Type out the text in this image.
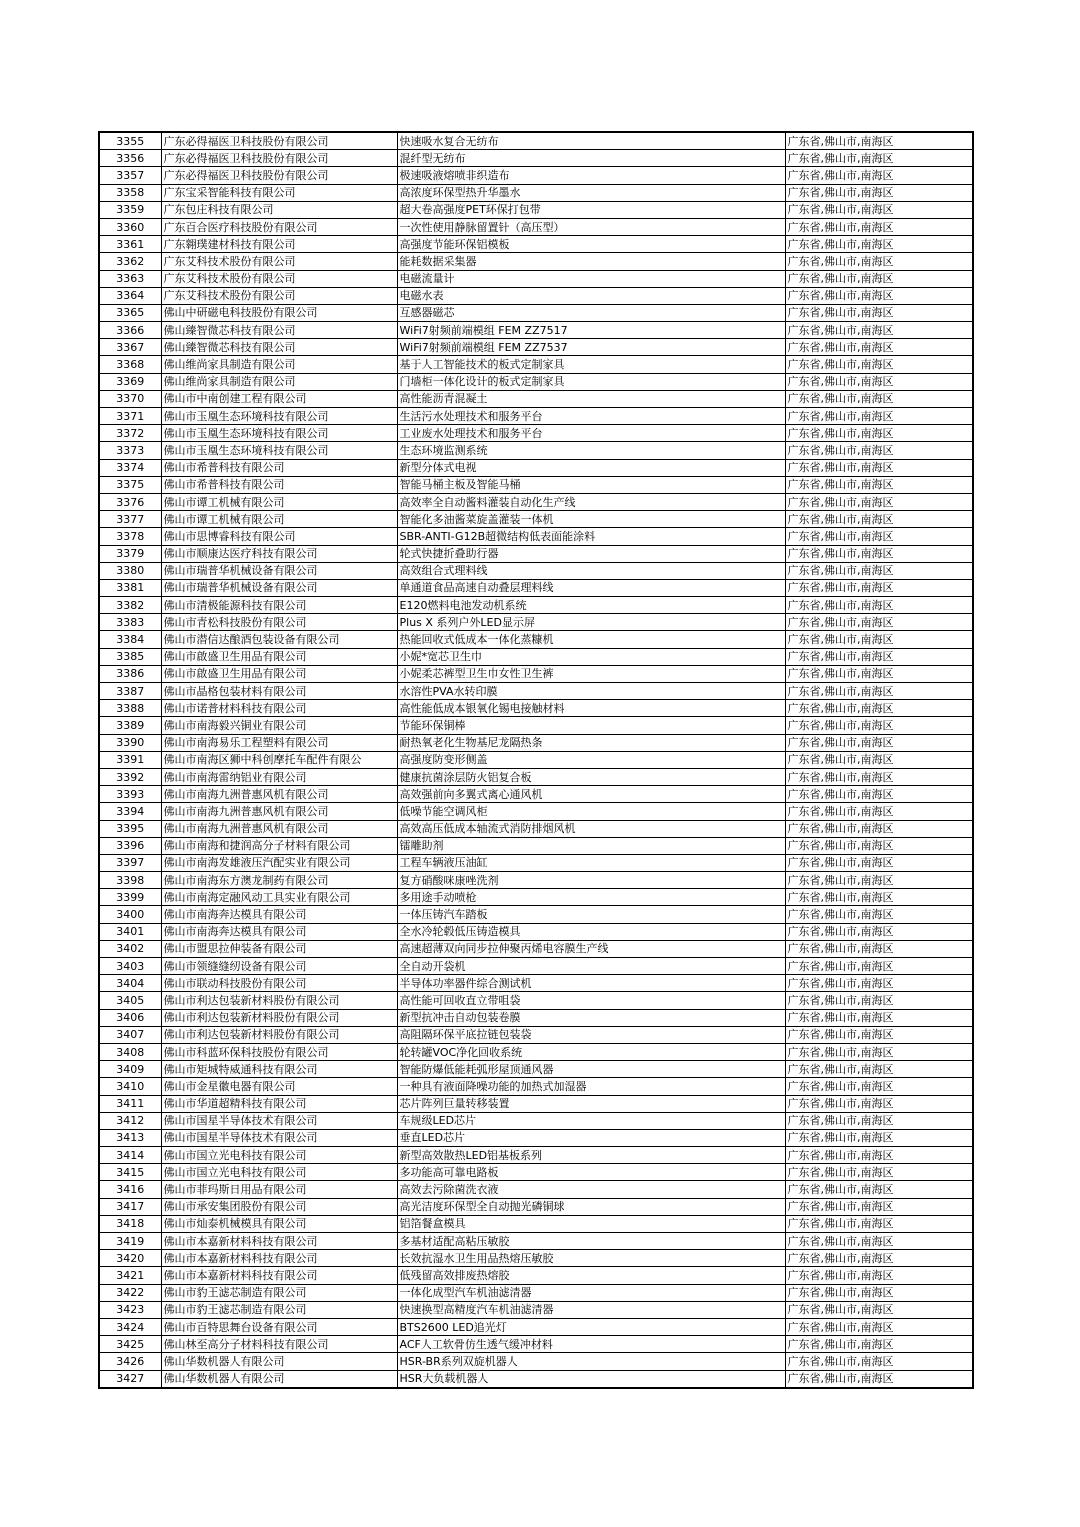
3355	广东必得福医卫科技股份有限公司	快速吸水复合无纺布	广东省,佛山市,南海区
3356	广东必得福医卫科技股份有限公司	混纤型无纺布	广东省,佛山市,南海区
3357	广东必得福医卫科技股份有限公司	极速吸液熔喷非织造布	广东省,佛山市,南海区
3358	广东宝采智能科技有限公司	高浓度环保型热升华墨水	广东省,佛山市,南海区
3359	广东包庄科技有限公司	超大卷高强度PET环保打包带	广东省,佛山市,南海区
3360	广东百合医疗科技股份有限公司	一次性使用静脉留置针（高压型）	广东省,佛山市,南海区
3361	广东翱璞建材科技有限公司	高强度节能环保铝模板	广东省,佛山市,南海区
3362	广东艾科技术股份有限公司	能耗数据采集器	广东省,佛山市,南海区
3363	广东艾科技术股份有限公司	电磁流量计	广东省,佛山市,南海区
3364	广东艾科技术股份有限公司	电磁水表	广东省,佛山市,南海区
3365	佛山中研磁电科技股份有限公司	互感器磁芯	广东省,佛山市,南海区
3366	佛山臻智微芯科技有限公司	WiFi7射频前端模组 FEM ZZ7517	广东省,佛山市,南海区
3367	佛山臻智微芯科技有限公司	WiFi7射频前端模组 FEM ZZ7537	广东省,佛山市,南海区
3368	佛山维尚家具制造有限公司	基于人工智能技术的板式定制家具	广东省,佛山市,南海区
3369	佛山维尚家具制造有限公司	门墙柜一体化设计的板式定制家具	广东省,佛山市,南海区
3370	佛山市中南创建工程有限公司	高性能沥青混凝土	广东省,佛山市,南海区
3371	佛山市玉凰生态环境科技有限公司	生活污水处理技术和服务平台	广东省,佛山市,南海区
3372	佛山市玉凰生态环境科技有限公司	工业废水处理技术和服务平台	广东省,佛山市,南海区
3373	佛山市玉凰生态环境科技有限公司	生态环境监测系统	广东省,佛山市,南海区
3374	佛山市希普科技有限公司	新型分体式电视	广东省,佛山市,南海区
3375	佛山市希普科技有限公司	智能马桶主板及智能马桶	广东省,佛山市,南海区
3376	佛山市谭工机械有限公司	高效率全自动酱料灌装自动化生产线	广东省,佛山市,南海区
3377	佛山市谭工机械有限公司	智能化多油酱菜旋盖灌装一体机	广东省,佛山市,南海区
3378	佛山市思博睿科技有限公司	SBR-ANTI-G12B超微结构低表面能涂料	广东省,佛山市,南海区
3379	佛山市顺康达医疗科技有限公司	轮式快捷折叠助行器	广东省,佛山市,南海区
3380	佛山市瑞普华机械设备有限公司	高效组合式理料线	广东省,佛山市,南海区
3381	佛山市瑞普华机械设备有限公司	单通道食品高速自动叠层理料线	广东省,佛山市,南海区
3382	佛山市清极能源科技有限公司	E120燃料电池发动机系统	广东省,佛山市,南海区
3383	佛山市青松科技股份有限公司	Plus X 系列户外LED显示屏	广东省,佛山市,南海区
3384	佛山市潜信达酿酒包装设备有限公司	热能回收式低成本一体化蒸糠机	广东省,佛山市,南海区
3385	佛山市啟盛卫生用品有限公司	小妮*宽芯卫生巾	广东省,佛山市,南海区
3386	佛山市啟盛卫生用品有限公司	小妮柔芯裤型卫生巾女性卫生裤	广东省,佛山市,南海区
3387	佛山市晶格包装材料有限公司	水溶性PVA水转印膜	广东省,佛山市,南海区
3388	佛山市诺普材料科技有限公司	高性能低成本银氧化锡电接触材料	广东省,佛山市,南海区
3389	佛山市南海毅兴铜业有限公司	节能环保铜棒	广东省,佛山市,南海区
3390	佛山市南海易乐工程塑料有限公司	耐热氧老化生物基尼龙隔热条	广东省,佛山市,南海区
3391	佛山市南海区狮中科创摩托车配件有限公	高强度防变形侧盖	广东省,佛山市,南海区
3392	佛山市南海雷纳铝业有限公司	健康抗菌涂层防火铝复合板	广东省,佛山市,南海区
3393	佛山市南海九洲普惠风机有限公司	高效强前向多翼式离心通风机	广东省,佛山市,南海区
3394	佛山市南海九洲普惠风机有限公司	低噪节能空调风柜	广东省,佛山市,南海区
3395	佛山市南海九洲普惠风机有限公司	高效高压低成本轴流式消防排烟风机	广东省,佛山市,南海区
3396	佛山市南海和捷润高分子材料有限公司	镭雕助剂	广东省,佛山市,南海区
3397	佛山市南海发雄液压汽配实业有限公司	工程车辆液压油缸	广东省,佛山市,南海区
3398	佛山市南海东方澳龙制药有限公司	复方硝酸咪康唑洗剂	广东省,佛山市,南海区
3399	佛山市南海定融风动工具实业有限公司	多用途手动喷枪	广东省,佛山市,南海区
3400	佛山市南海奔达模具有限公司	一体压铸汽车踏板	广东省,佛山市,南海区
3401	佛山市南海奔达模具有限公司	全水冷轮毂低压铸造模具	广东省,佛山市,南海区
3402	佛山市盟思拉伸装备有限公司	高速超薄双向同步拉伸聚丙烯电容膜生产线	广东省,佛山市,南海区
3403	佛山市领缝缝纫设备有限公司	全自动开袋机	广东省,佛山市,南海区
3404	佛山市联动科技股份有限公司	半导体功率器件综合测试机	广东省,佛山市,南海区
3405	佛山市利达包装新材料股份有限公司	高性能可回收直立带咀袋	广东省,佛山市,南海区
3406	佛山市利达包装新材料股份有限公司	新型抗冲击自动包装卷膜	广东省,佛山市,南海区
3407	佛山市利达包装新材料股份有限公司	高阻隔环保平底拉链包装袋	广东省,佛山市,南海区
3408	佛山市科蓝环保科技股份有限公司	轮转罐VOC净化回收系统	广东省,佛山市,南海区
3409	佛山市矩城特威通科技有限公司	智能防爆低能耗弧形屋顶通风器	广东省,佛山市,南海区
3410	佛山市金星徽电器有限公司	一种具有液面降噪功能的加热式加湿器	广东省,佛山市,南海区
3411	佛山市华道超精科技有限公司	芯片阵列巨量转移装置	广东省,佛山市,南海区
3412	佛山市国星半导体技术有限公司	车规级LED芯片	广东省,佛山市,南海区
3413	佛山市国星半导体技术有限公司	垂直LED芯片	广东省,佛山市,南海区
3414	佛山市国立光电科技有限公司	新型高效散热LED铝基板系列	广东省,佛山市,南海区
3415	佛山市国立光电科技有限公司	多功能高可靠电路板	广东省,佛山市,南海区
3416	佛山市菲玛斯日用品有限公司	高效去污除菌洗衣液	广东省,佛山市,南海区
3417	佛山市承安集团股份有限公司	高光洁度环保型全自动抛光磷铜球	广东省,佛山市,南海区
3418	佛山市灿泰机械模具有限公司	铝箔餐盒模具	广东省,佛山市,南海区
3419	佛山市本嘉新材料科技有限公司	多基材适配高粘压敏胶	广东省,佛山市,南海区
3420	佛山市本嘉新材料科技有限公司	长效抗湿水卫生用品热熔压敏胶	广东省,佛山市,南海区
3421	佛山市本嘉新材料科技有限公司	低残留高效排废热熔胶	广东省,佛山市,南海区
3422	佛山市豹王滤芯制造有限公司	一体化成型汽车机油滤清器	广东省,佛山市,南海区
3423	佛山市豹王滤芯制造有限公司	快速换型高精度汽车机油滤清器	广东省,佛山市,南海区
3424	佛山市百特思舞台设备有限公司	BTS2600 LED追光灯	广东省,佛山市,南海区
3425	佛山林至高分子材料科技有限公司	ACF人工软骨仿生透气缓冲材料	广东省,佛山市,南海区
3426	佛山华数机器人有限公司	HSR-BR系列双旋机器人	广东省,佛山市,南海区
3427	佛山华数机器人有限公司	HSR大负载机器人	广东省,佛山市,南海区
